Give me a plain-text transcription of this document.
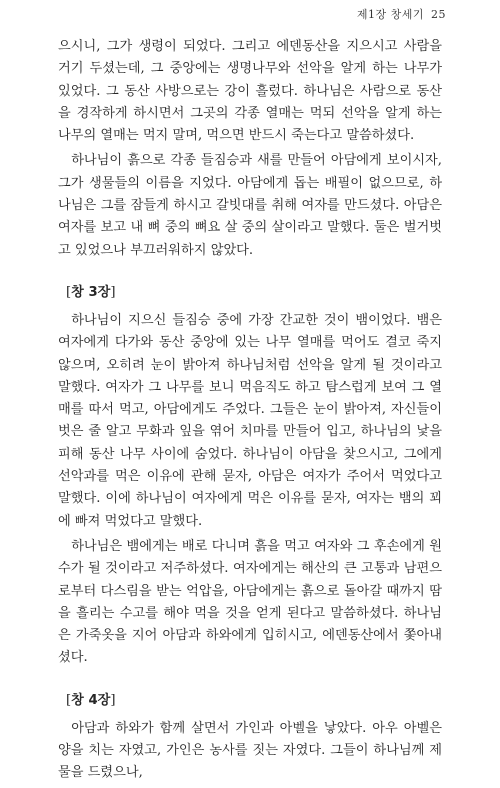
제1장 창세기 25

으시니, 그가 생령이 되었다. 그리고 에덴동산을 지으시고 사람을 거기 두셨는데, 그 중앙에는 생명나무와 선악을 알게 하는 나무가 있었다. 그 동산 사방으로는 강이 흘렀다. 하나님은 사람으로 동산을 경작하게 하시면서 그곳의 각종 열매는 먹되 선악을 알게 하는 나무의 열매는 먹지 말며, 먹으면 반드시 죽는다고 말씀하셨다.

하나님이 흙으로 각종 들짐승과 새를 만들어 아담에게 보이시자, 그가 생물들의 이름을 지었다. 아담에게 돕는 배필이 없으므로, 하나님은 그를 잠들게 하시고 갈빗대를 취해 여자를 만드셨다. 아담은 여자를 보고 내 뼈 중의 뼈요 살 중의 살이라고 말했다. 둘은 벌거벗고 있었으나 부끄러워하지 않았다.

[창 3장]

하나님이 지으신 들짐승 중에 가장 간교한 것이 뱀이었다. 뱀은 여자에게 다가와 동산 중앙에 있는 나무 열매를 먹어도 결코 죽지 않으며, 오히려 눈이 밝아져 하나님처럼 선악을 알게 될 것이라고 말했다. 여자가 그 나무를 보니 먹음직도 하고 탐스럽게 보여 그 열매를 따서 먹고, 아담에게도 주었다. 그들은 눈이 밝아져, 자신들이 벗은 줄 알고 무화과 잎을 엮어 치마를 만들어 입고, 하나님의 낯을 피해 동산 나무 사이에 숨었다. 하나님이 아담을 찾으시고, 그에게 선악과를 먹은 이유에 관해 묻자, 아담은 여자가 주어서 먹었다고 말했다. 이에 하나님이 여자에게 먹은 이유를 묻자, 여자는 뱀의 꾀에 빠져 먹었다고 말했다.

하나님은 뱀에게는 배로 다니며 흙을 먹고 여자와 그 후손에게 원수가 될 것이라고 저주하셨다. 여자에게는 해산의 큰 고통과 남편으로부터 다스림을 받는 억압을, 아담에게는 흙으로 돌아갈 때까지 땀을 흘리는 수고를 해야 먹을 것을 얻게 된다고 말씀하셨다. 하나님은 가죽옷을 지어 아담과 하와에게 입히시고, 에덴동산에서 쫓아내셨다.

[창 4장]

아담과 하와가 함께 살면서 가인과 아벨을 낳았다. 아우 아벨은 양을 치는 자였고, 가인은 농사를 짓는 자였다. 그들이 하나님께 제물을 드렸으나,
